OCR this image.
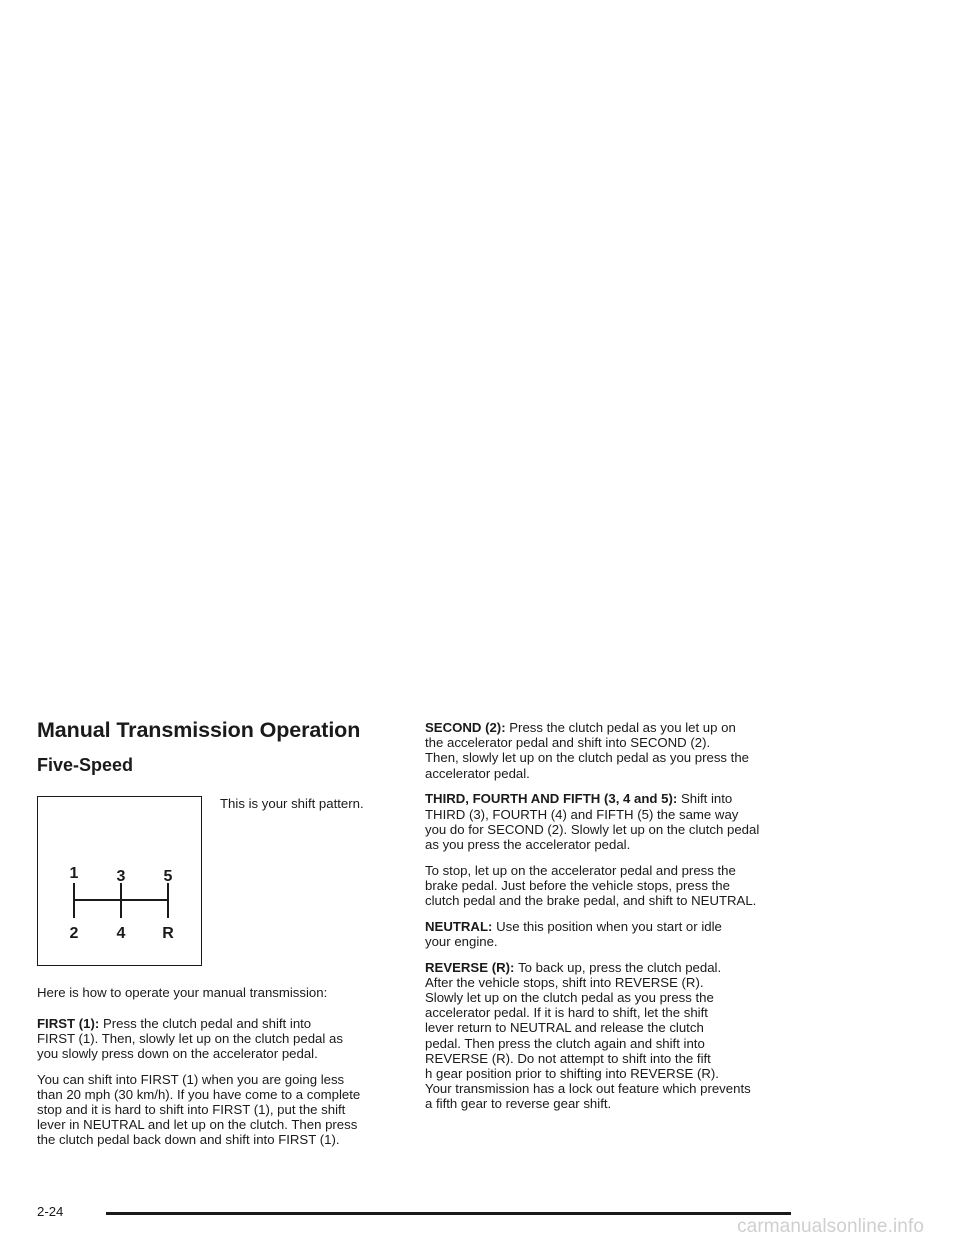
Manual Transmission Operation
Five-Speed
1 3 5
2 4 R

This is your shift pattern.

Here is how to operate your manual transmission:

FIRST (1): Press the clutch pedal and shift into
FIRST (1). Then, slowly let up on the clutch pedal as
you slowly press down on the accelerator pedal.

You can shift into FIRST (1) when you are going less
than 20 mph (30 km/h). If you have come to a complete
stop and it is hard to shift into FIRST (1), put the shift
lever in NEUTRAL and let up on the clutch. Then press
the clutch pedal back down and shift into FIRST (1).

SECOND (2): Press the clutch pedal as you let up on
the accelerator pedal and shift into SECOND (2).
Then, slowly let up on the clutch pedal as you press the
accelerator pedal.

THIRD, FOURTH AND FIFTH (3, 4 and 5): Shift into
THIRD (3), FOURTH (4) and FIFTH (5) the same way
you do for SECOND (2). Slowly let up on the clutch pedal
as you press the accelerator pedal.

To stop, let up on the accelerator pedal and press the
brake pedal. Just before the vehicle stops, press the
clutch pedal and the brake pedal, and shift to NEUTRAL.

NEUTRAL: Use this position when you start or idle
your engine.

REVERSE (R): To back up, press the clutch pedal.
After the vehicle stops, shift into REVERSE (R).
Slowly let up on the clutch pedal as you press the
accelerator pedal. If it is hard to shift, let the shift
lever return to NEUTRAL and release the clutch
pedal. Then press the clutch again and shift into
REVERSE (R). Do not attempt to shift into the fift
h gear position prior to shifting into REVERSE (R).
Your transmission has a lock out feature which prevents
a fifth gear to reverse gear shift.

2-24

carmanualsonline.info
